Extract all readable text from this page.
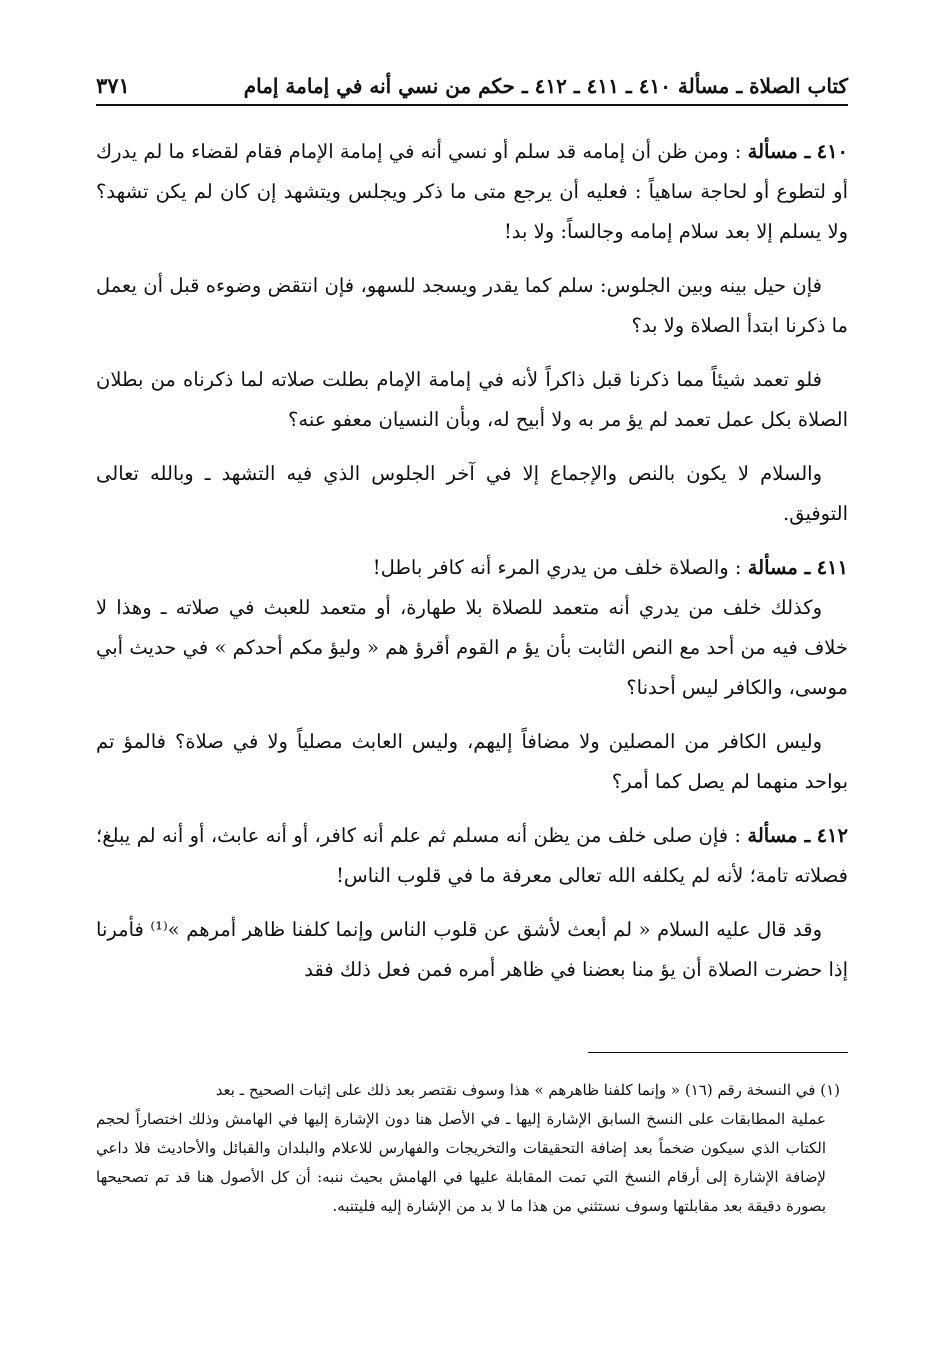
كتاب الصلاة ـ مسألة ٤١٠ ـ ٤١١ ـ ٤١٢ ـ حكم من نسي أنه في إمامة إمام
٣٧١

٤١٠ ـ مسألة : ومن ظن أن إمامه قد سلم أو نسي أنه في إمامة الإمام فقام لقضاء ما لم يدرك أو لتطوع أو لحاجة ساهياً : فعليه أن يرجع متى ما ذكر ويجلس ويتشهد إن كان لم يكن تشهد؟ ولا يسلم إلا بعد سلام إمامه وجالساً: ولا بد!

فإن حيل بينه وبين الجلوس: سلم كما يقدر ويسجد للسهو، فإن انتقض وضوءه قبل أن يعمل ما ذكرنا ابتدأ الصلاة ولا بد؟

فلو تعمد شيئاً مما ذكرنا قبل ذاكراً لأنه في إمامة الإمام بطلت صلاته لما ذكرناه من بطلان الصلاة بكل عمل تعمد لم يؤ مر به ولا أبيح له، وبأن النسيان معفو عنه؟

والسلام لا يكون بالنص والإجماع إلا في آخر الجلوس الذي فيه التشهد ـ وبالله تعالى التوفيق.

٤١١ ـ مسألة : والصلاة خلف من يدري المرء أنه كافر باطل!

وكذلك خلف من يدري أنه متعمد للصلاة بلا طهارة، أو متعمد للعبث في صلاته ـ وهذا لا خلاف فيه من أحد مع النص الثابت بأن يؤ م القوم أقرؤ هم « وليؤ مكم أحدكم » في حديث أبي موسى، والكافر ليس أحدنا؟

وليس الكافر من المصلين ولا مضافاً إليهم، وليس العابث مصلياً ولا في صلاة؟ فالمؤ تم بواحد منهما لم يصل كما أمر؟

٤١٢ ـ مسألة : فإن صلى خلف من يظن أنه مسلم ثم علم أنه كافر، أو أنه عابث، أو أنه لم يبلغ؛ فصلاته تامة؛ لأنه لم يكلفه الله تعالى معرفة ما في قلوب الناس!

وقد قال عليه السلام « لم أبعث لأشق عن قلوب الناس وإنما كلفنا ظاهر أمرهم »⁽¹⁾ فأمرنا إذا حضرت الصلاة أن يؤ منا بعضنا في ظاهر أمره فمن فعل ذلك فقد

(١) في النسخة رقم (١٦) « وإنما كلفنا ظاهرهم » هذا وسوف نقتصر بعد ذلك على إثبات الصحيح ـ بعد

عملية المطابقات على النسخ السابق الإشارة إليها ـ في الأصل هنا دون الإشارة إليها في الهامش وذلك اختصاراً لحجم الكتاب الذي سيكون ضخماً بعد إضافة التحقيقات والتخريجات والفهارس للاعلام والبلدان والقبائل والأحاديث فلا داعي لإضافة الإشارة إلى أرقام النسخ التي تمت المقابلة عليها في الهامش بحيث ننبه: أن كل الأصول هنا قد تم تصحيحها بصورة دقيقة بعد مقابلتها وسوف نستثني من هذا ما لا بد من الإشارة إليه فليتنبه.
